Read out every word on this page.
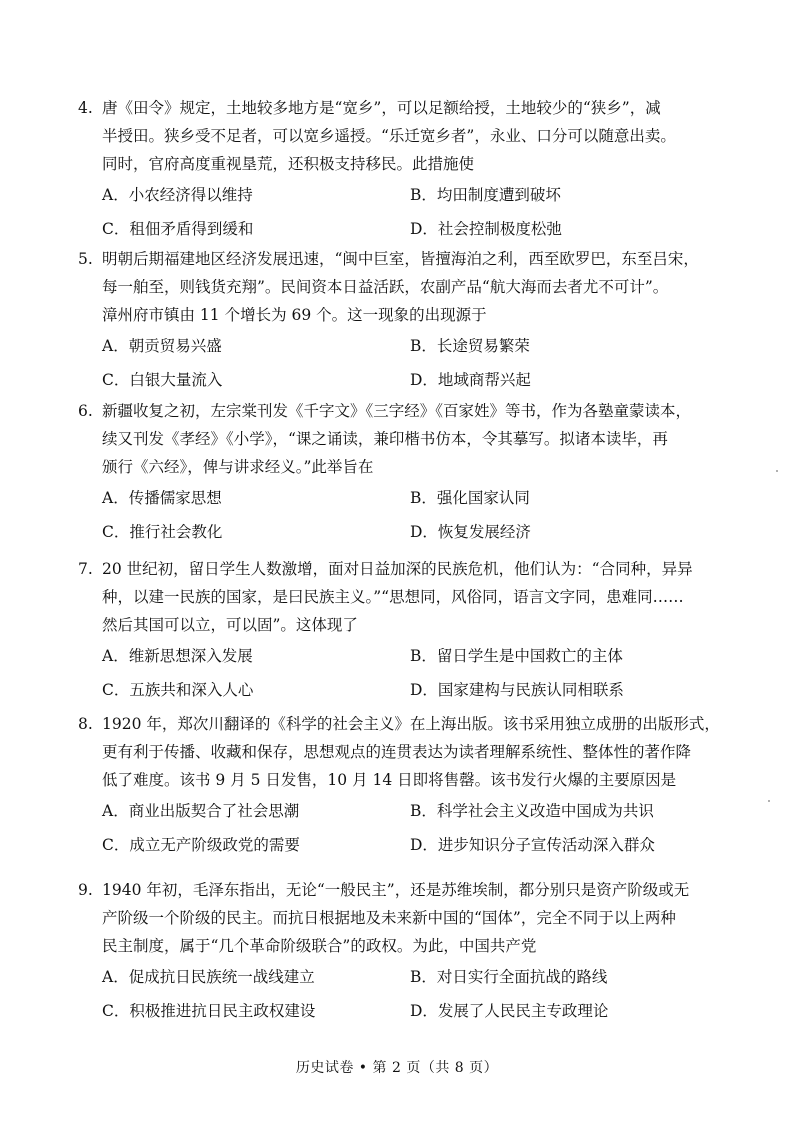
4. 唐《田令》规定，土地较多地方是“宽乡”，可以足额给授，土地较少的“狭乡”，减
半授田。狭乡受不足者，可以宽乡遥授。“乐迁宽乡者”，永业、口分可以随意出卖。
同时，官府高度重视垦荒，还积极支持移民。此措施使

A．小农经济得以维持	B．均田制度遭到破坏
C．租佃矛盾得到缓和	D．社会控制极度松弛

5. 明朝后期福建地区经济发展迅速，“闽中巨室，皆擅海泊之利，西至欧罗巴，东至吕宋，
每一舶至，则钱货充翔”。民间资本日益活跃，农副产品“航大海而去者尤不可计”。
漳州府市镇由 11 个增长为 69 个。这一现象的出现源于

A．朝贡贸易兴盛	B．长途贸易繁荣
C．白银大量流入	D．地域商帮兴起

6. 新疆收复之初，左宗棠刊发《千字文》《三字经》《百家姓》等书，作为各塾童蒙读本，
续又刊发《孝经》《小学》，“课之诵读，兼印楷书仿本，令其摹写。拟诸本读毕，再
颁行《六经》，俾与讲求经义。”此举旨在

A．传播儒家思想	B．强化国家认同
C．推行社会教化	D．恢复发展经济

7. 20 世纪初，留日学生人数激增，面对日益加深的民族危机，他们认为：“合同种，异异
种，以建一民族的国家，是曰民族主义。”“思想同，风俗同，语言文字同，患难同……
然后其国可以立，可以固”。这体现了

A．维新思想深入发展	B．留日学生是中国救亡的主体
C．五族共和深入人心	D．国家建构与民族认同相联系

8. 1920 年，郑次川翻译的《科学的社会主义》在上海出版。该书采用独立成册的出版形式，
更有利于传播、收藏和保存，思想观点的连贯表达为读者理解系统性、整体性的著作降
低了难度。该书 9 月 5 日发售，10 月 14 日即将售罄。该书发行火爆的主要原因是

A．商业出版契合了社会思潮	B．科学社会主义改造中国成为共识
C．成立无产阶级政党的需要	D．进步知识分子宣传活动深入群众

9. 1940 年初，毛泽东指出，无论“一般民主”，还是苏维埃制，都分别只是资产阶级或无
产阶级一个阶级的民主。而抗日根据地及未来新中国的“国体”，完全不同于以上两种
民主制度，属于“几个革命阶级联合”的政权。为此，中国共产党

A．促成抗日民族统一战线建立	B．对日实行全面抗战的路线
C．积极推进抗日民主政权建设	D．发展了人民民主专政理论
历史试卷 • 第 2 页（共 8 页）
